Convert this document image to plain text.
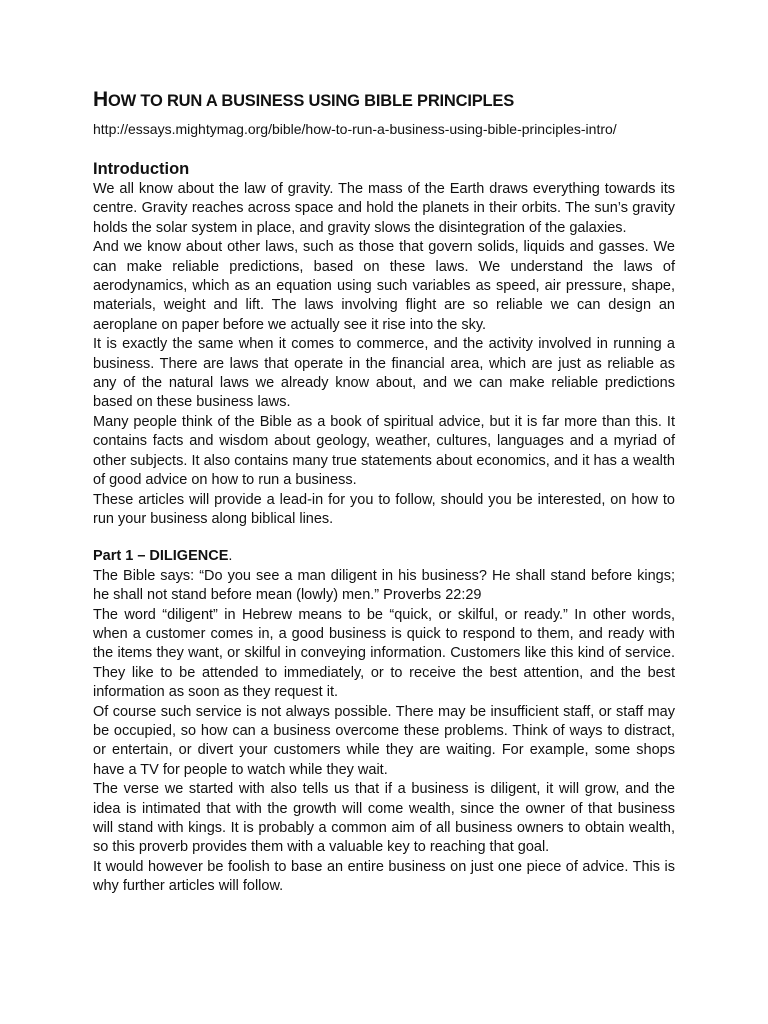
HOW TO RUN A BUSINESS USING BIBLE PRINCIPLES

http://essays.mightymag.org/bible/how-to-run-a-business-using-bible-principles-intro/

Introduction

We all know about the law of gravity. The mass of the Earth draws everything towards its centre. Gravity reaches across space and hold the planets in their orbits. The sun’s gravity holds the solar system in place, and gravity slows the disintegration of the galaxies.

And we know about other laws, such as those that govern solids, liquids and gasses. We can make reliable predictions, based on these laws. We understand the laws of aerodynamics, which as an equation using such variables as speed, air pressure, shape, materials, weight and lift. The laws involving flight are so reliable we can design an aeroplane on paper before we actually see it rise into the sky.

It is exactly the same when it comes to commerce, and the activity involved in running a business. There are laws that operate in the financial area, which are just as reliable as any of the natural laws we already know about, and we can make reliable predictions based on these business laws.

Many people think of the Bible as a book of spiritual advice, but it is far more than this. It contains facts and wisdom about geology, weather, cultures, languages and a myriad of other subjects. It also contains many true statements about economics, and it has a wealth of good advice on how to run a business.

These articles will provide a lead-in for you to follow, should you be interested, on how to run your business along biblical lines.

Part 1 – DILIGENCE.

The Bible says: “Do you see a man diligent in his business? He shall stand before kings; he shall not stand before mean (lowly) men.” Proverbs 22:29

The word “diligent” in Hebrew means to be “quick, or skilful, or ready.” In other words, when a customer comes in, a good business is quick to respond to them, and ready with the items they want, or skilful in conveying information. Customers like this kind of service. They like to be attended to immediately, or to receive the best attention, and the best information as soon as they request it.

Of course such service is not always possible. There may be insufficient staff, or staff may be occupied, so how can a business overcome these problems. Think of ways to distract, or entertain, or divert your customers while they are waiting. For example, some shops have a TV for people to watch while they wait.

The verse we started with also tells us that if a business is diligent, it will grow, and the idea is intimated that with the growth will come wealth, since the owner of that business will stand with kings. It is probably a common aim of all business owners to obtain wealth, so this proverb provides them with a valuable key to reaching that goal.

It would however be foolish to base an entire business on just one piece of advice. This is why further articles will follow.
